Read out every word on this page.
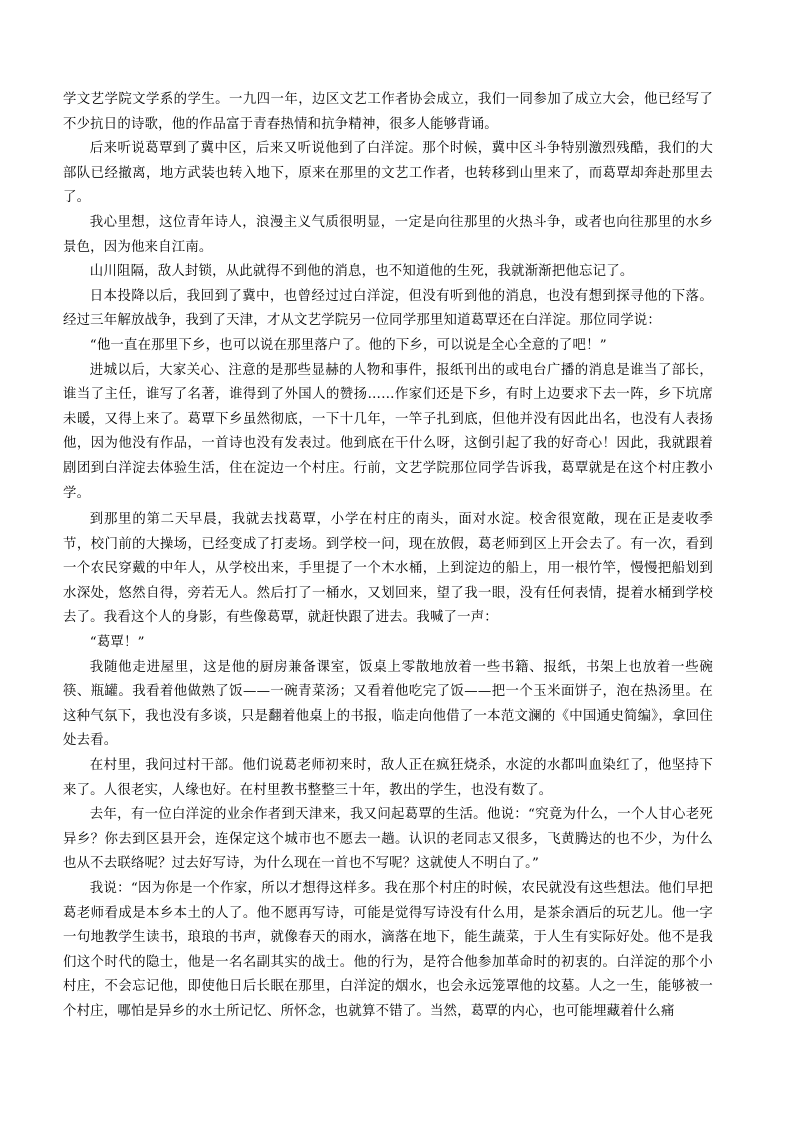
学文艺学院文学系的学生。一九四一年，边区文艺工作者协会成立，我们一同参加了成立大会，他已经写了不少抗日的诗歌，他的作品富于青春热情和抗争精神，很多人能够背诵。

后来听说葛覃到了冀中区，后来又听说他到了白洋淀。那个时候，冀中区斗争特别激烈残酷，我们的大部队已经撤离，地方武装也转入地下，原来在那里的文艺工作者，也转移到山里来了，而葛覃却奔赴那里去了。

我心里想，这位青年诗人，浪漫主义气质很明显，一定是向往那里的火热斗争，或者也向往那里的水乡景色，因为他来自江南。

山川阻隔，敌人封锁，从此就得不到他的消息，也不知道他的生死，我就渐渐把他忘记了。

日本投降以后，我回到了冀中，也曾经过过白洋淀，但没有听到他的消息，也没有想到探寻他的下落。经过三年解放战争，我到了天津，才从文艺学院另一位同学那里知道葛覃还在白洋淀。那位同学说：

“他一直在那里下乡，也可以说在那里落户了。他的下乡，可以说是全心全意的了吧！”

进城以后，大家关心、注意的是那些显赫的人物和事件，报纸刊出的或电台广播的消息是谁当了部长，谁当了主任，谁写了名著，谁得到了外国人的赞扬……作家们还是下乡，有时上边要求下去一阵，乡下坑席未暖，又得上来了。葛覃下乡虽然彻底，一下十几年，一竿子扎到底，但他并没有因此出名，也没有人表扬他，因为他没有作品，一首诗也没有发表过。他到底在干什么呀，这倒引起了我的好奇心！因此，我就跟着剧团到白洋淀去体验生活，住在淀边一个村庄。行前，文艺学院那位同学告诉我，葛覃就是在这个村庄教小学。

到那里的第二天早晨，我就去找葛覃，小学在村庄的南头，面对水淀。校舍很宽敞，现在正是麦收季节，校门前的大操场，已经变成了打麦场。到学校一问，现在放假，葛老师到区上开会去了。有一次，看到一个农民穿戴的中年人，从学校出来，手里提了一个木水桶，上到淀边的船上，用一根竹竿，慢慢把船划到水深处，悠然自得，旁若无人。然后打了一桶水，又划回来，望了我一眼，没有任何表情，提着水桶到学校去了。我看这个人的身影，有些像葛覃，就赶快跟了进去。我喊了一声：

“葛覃！”

我随他走进屋里，这是他的厨房兼备课室，饭桌上零散地放着一些书籍、报纸，书架上也放着一些碗筷、瓶罐。我看着他做熟了饭——一碗青菜汤；又看着他吃完了饭——把一个玉米面饼子，泡在热汤里。在这种气氛下，我也没有多谈，只是翻着他桌上的书报，临走向他借了一本范文澜的《中国通史简编》，拿回住处去看。

在村里，我问过村干部。他们说葛老师初来时，敌人正在疯狂烧杀，水淀的水都叫血染红了，他坚持下来了。人很老实，人缘也好。在村里教书整整三十年，教出的学生，也没有数了。

去年，有一位白洋淀的业余作者到天津来，我又问起葛覃的生活。他说：“究竟为什么，一个人甘心老死异乡？你去到区县开会，连保定这个城市也不愿去一趟。认识的老同志又很多，飞黄腾达的也不少，为什么也从不去联络呢？过去好写诗，为什么现在一首也不写呢？这就使人不明白了。”

我说：“因为你是一个作家，所以才想得这样多。我在那个村庄的时候，农民就没有这些想法。他们早把葛老师看成是本乡本土的人了。他不愿再写诗，可能是觉得写诗没有什么用，是茶余酒后的玩艺儿。他一字一句地教学生读书，琅琅的书声，就像春天的雨水，滴落在地下，能生蔬菜，于人生有实际好处。他不是我们这个时代的隐士，他是一名名副其实的战士。他的行为，是符合他参加革命时的初衷的。白洋淀的那个小村庄，不会忘记他，即使他日后长眠在那里，白洋淀的烟水，也会永远笼罩他的坟墓。人之一生，能够被一个村庄，哪怕是异乡的水土所记忆、所怀念，也就算不错了。当然，葛覃的内心，也可能埋藏着什么痛
